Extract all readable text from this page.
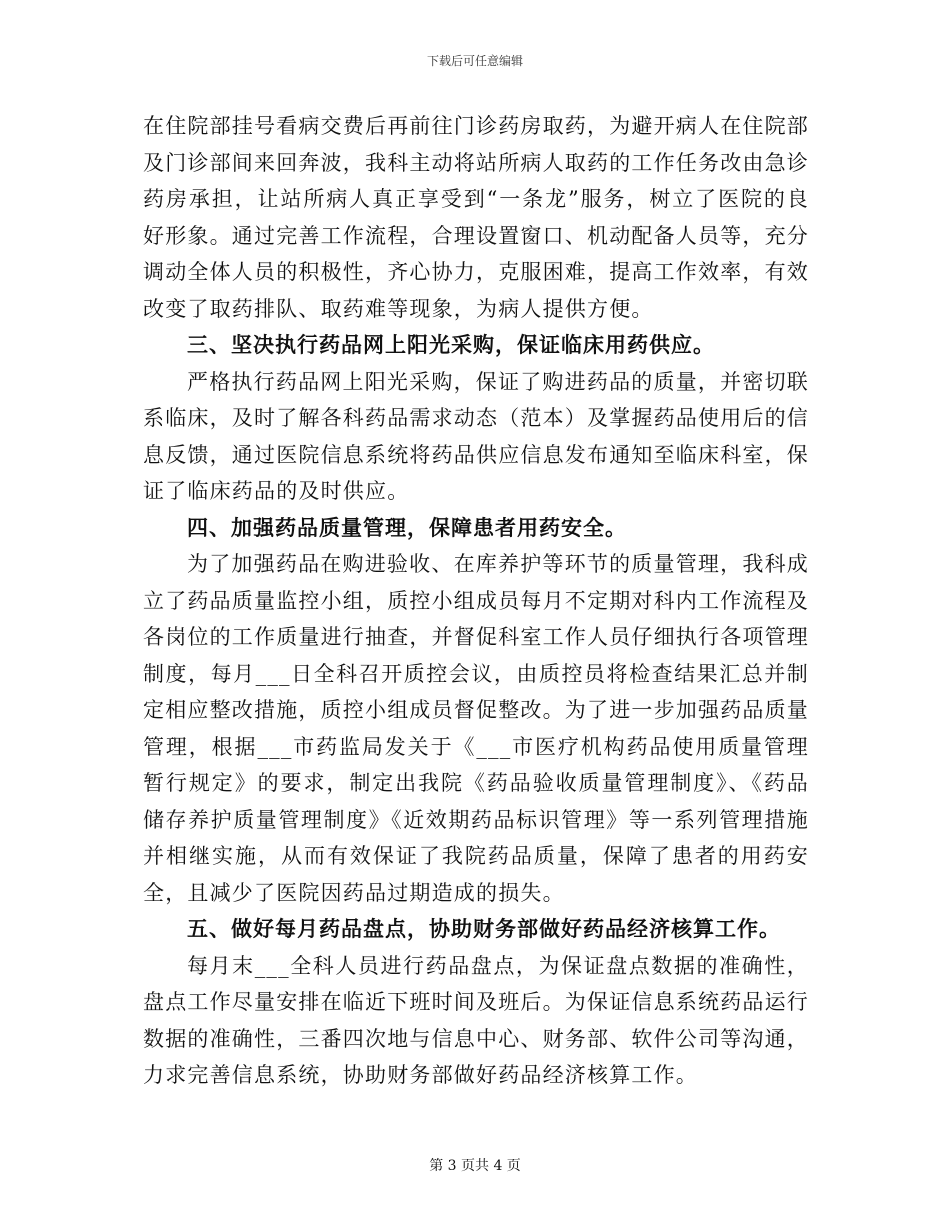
下载后可任意编辑

在住院部挂号看病交费后再前往门诊药房取药，为避开病人在住院部及门诊部间来回奔波，我科主动将站所病人取药的工作任务改由急诊药房承担，让站所病人真正享受到“一条龙”服务，树立了医院的良好形象。通过完善工作流程，合理设置窗口、机动配备人员等，充分调动全体人员的积极性，齐心协力，克服困难，提高工作效率，有效改变了取药排队、取药难等现象，为病人提供方便。

三、坚决执行药品网上阳光采购，保证临床用药供应。

严格执行药品网上阳光采购，保证了购进药品的质量，并密切联系临床，及时了解各科药品需求动态（范本）及掌握药品使用后的信息反馈，通过医院信息系统将药品供应信息发布通知至临床科室，保证了临床药品的及时供应。

四、加强药品质量管理，保障患者用药安全。

为了加强药品在购进验收、在库养护等环节的质量管理，我科成立了药品质量监控小组，质控小组成员每月不定期对科内工作流程及各岗位的工作质量进行抽查，并督促科室工作人员仔细执行各项管理制度，每月___日全科召开质控会议，由质控员将检查结果汇总并制定相应整改措施，质控小组成员督促整改。为了进一步加强药品质量管理，根据___市药监局发关于《___市医疗机构药品使用质量管理暂行规定》的要求，制定出我院《药品验收质量管理制度》、《药品储存养护质量管理制度》《近效期药品标识管理》等一系列管理措施并相继实施，从而有效保证了我院药品质量，保障了患者的用药安全，且减少了医院因药品过期造成的损失。

五、做好每月药品盘点，协助财务部做好药品经济核算工作。

每月末___全科人员进行药品盘点，为保证盘点数据的准确性，盘点工作尽量安排在临近下班时间及班后。为保证信息系统药品运行数据的准确性，三番四次地与信息中心、财务部、软件公司等沟通，力求完善信息系统，协助财务部做好药品经济核算工作。

第 3 页共 4 页
